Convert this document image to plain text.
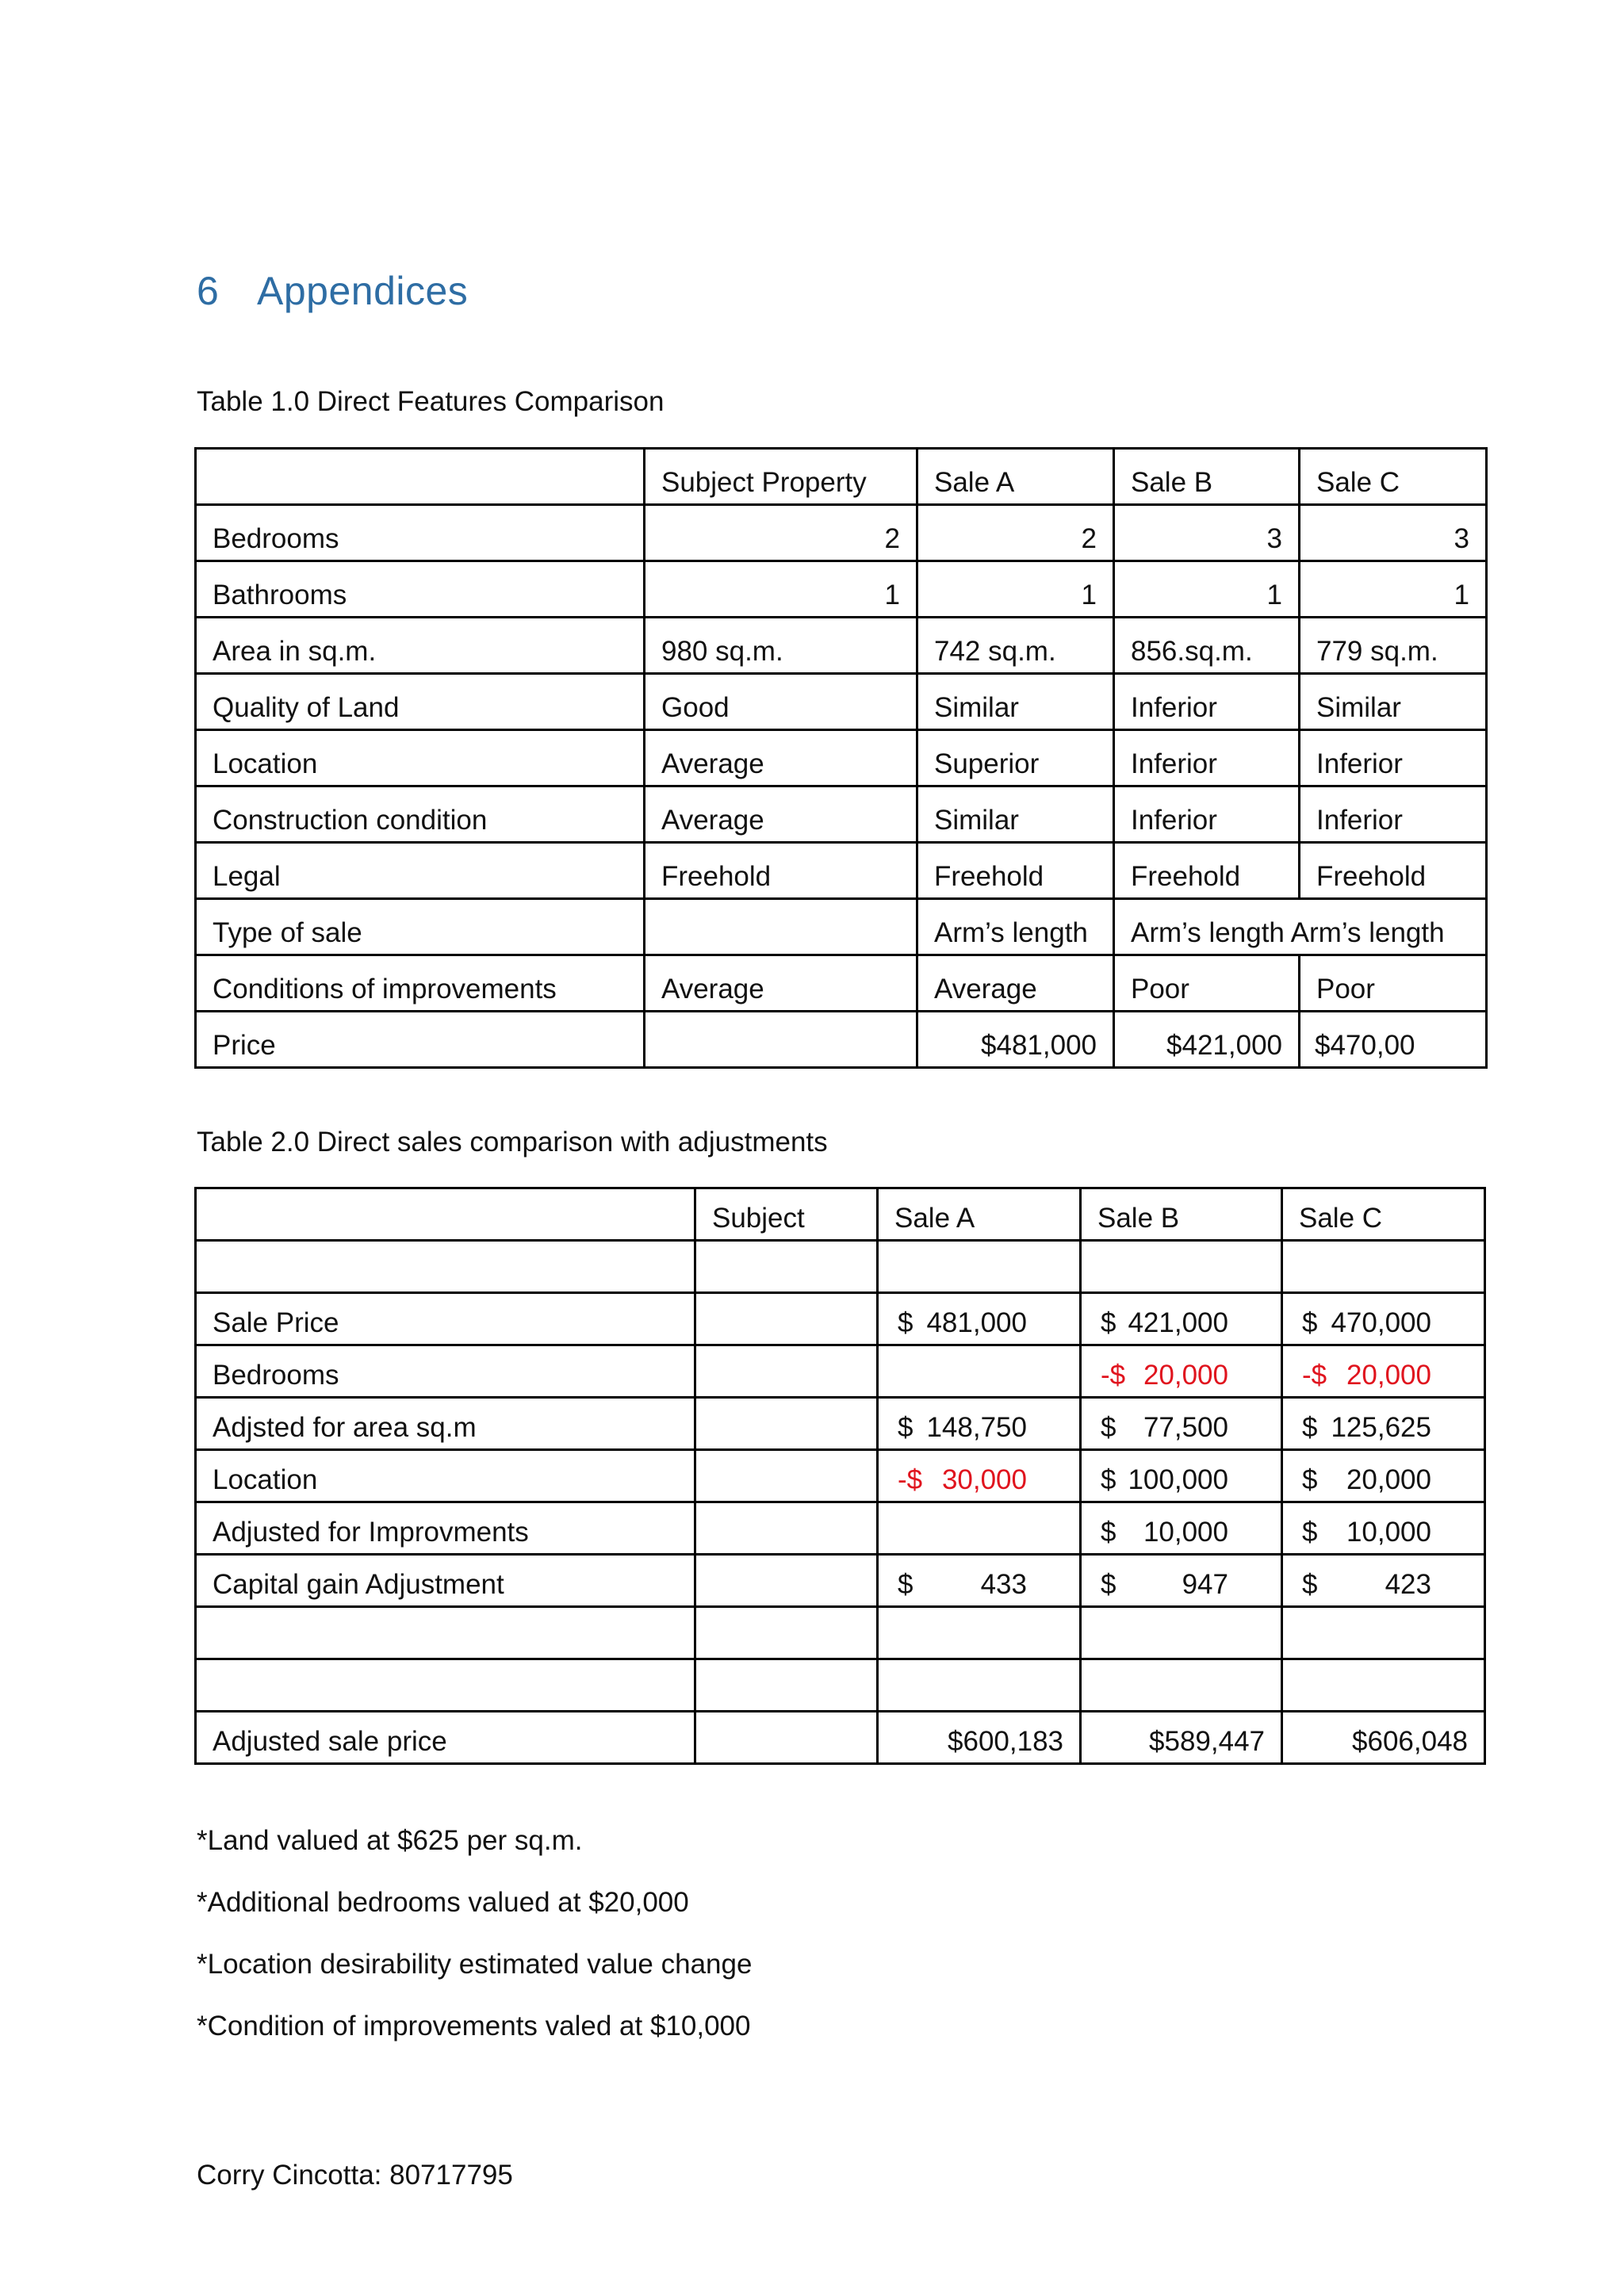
6 Appendices
Table 1.0 Direct Features Comparison
	Subject Property	Sale A	Sale B	Sale C
Bedrooms	2	2	3	3
Bathrooms	1	1	1	1
Area in sq.m.	980 sq.m.	742 sq.m.	856.sq.m.	779 sq.m.
Quality of Land	Good	Similar	Inferior	Similar
Location	Average	Superior	Inferior	Inferior
Construction condition	Average	Similar	Inferior	Inferior
Legal	Freehold	Freehold	Freehold	Freehold
Type of sale		Arm’s length	Arm’s length Arm’s length	
Conditions of improvements	Average	Average	Poor	Poor
Price		$481,000	$421,000	$470,00
Table 2.0 Direct sales comparison with adjustments
	Subject	Sale A	Sale B	Sale C

Sale Price		$ 481,000	$ 421,000	$ 470,000

Bedrooms			-$ 20,000	-$ 20,000

Adjsted for area sq.m		$ 148,750	$ 77,500	$ 125,625

Location		-$ 30,000	$ 100,000	$ 20,000

Adjusted for Improvments			$ 10,000	$ 10,000

Capital gain Adjustment		$ 433	$ 947	$ 423

Adjusted sale price		$600,183	$589,447	$606,048
*Land valued at $625 per sq.m.
*Additional bedrooms valued at $20,000
*Location desirability estimated value change
*Condition of improvements valed at $10,000
Corry Cincotta: 80717795
